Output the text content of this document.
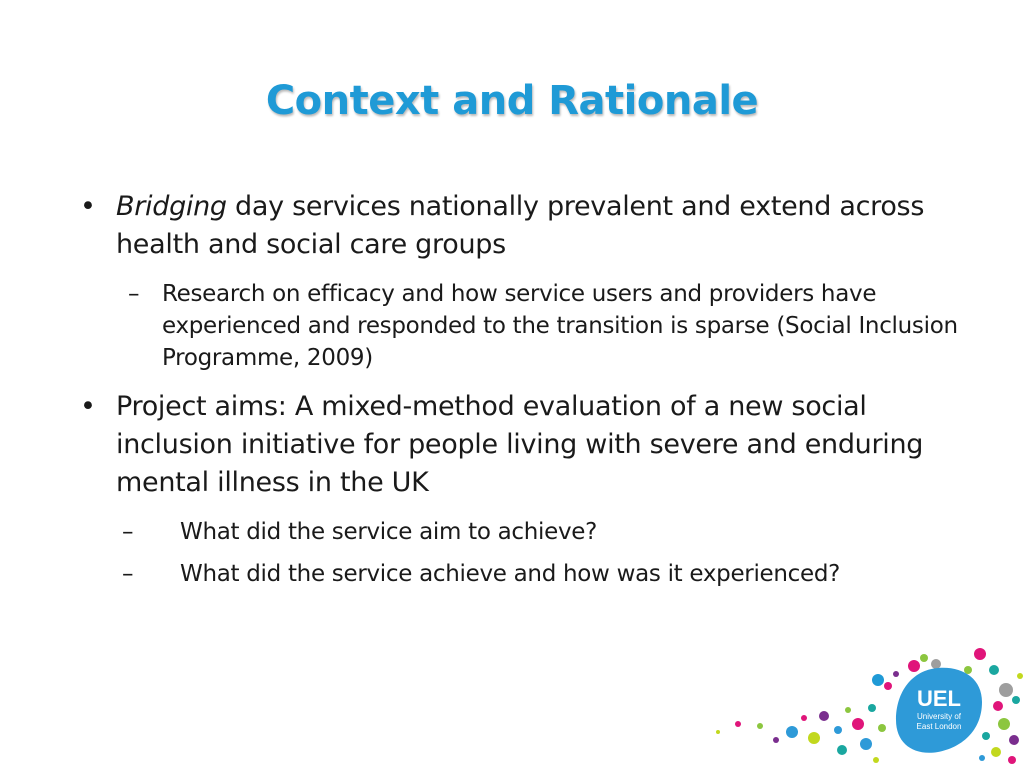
Context and Rationale
• Bridging day services nationally prevalent and extend across health and social care groups
– Research on efficacy and how service users and providers have experienced and responded to the transition is sparse (Social Inclusion Programme, 2009)
• Project aims: A mixed-method evaluation of a new social inclusion initiative for people living with severe and enduring mental illness in the UK
– What did the service aim to achieve?
– What did the service achieve and how was it experienced?
UEL
University of
East London
